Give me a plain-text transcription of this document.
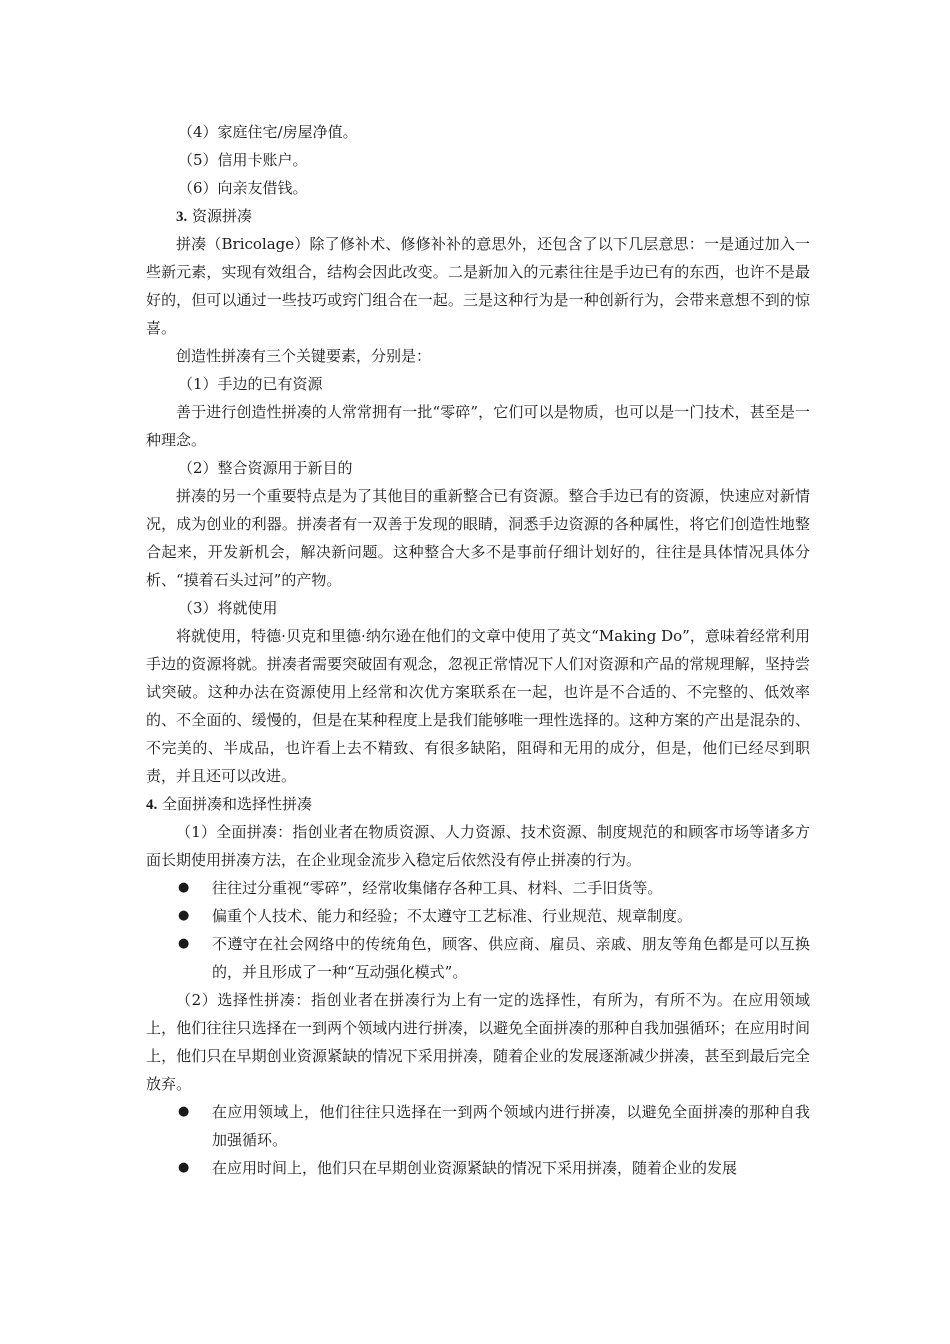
（4）家庭住宅/房屋净值。
（5）信用卡账户。
（6）向亲友借钱。
3. 资源拼凑

拼凑（Bricolage）除了修补术、修修补补的意思外，还包含了以下几层意思：一是通过加入一些新元素，实现有效组合，结构会因此改变。二是新加入的元素往往是手边已有的东西，也许不是最好的，但可以通过一些技巧或窍门组合在一起。三是这种行为是一种创新行为，会带来意想不到的惊喜。

创造性拼凑有三个关键要素，分别是：

（1）手边的已有资源

善于进行创造性拼凑的人常常拥有一批“零碎”，它们可以是物质，也可以是一门技术，甚至是一种理念。

（2）整合资源用于新目的

拼凑的另一个重要特点是为了其他目的重新整合已有资源。整合手边已有的资源，快速应对新情况，成为创业的利器。拼凑者有一双善于发现的眼睛，洞悉手边资源的各种属性，将它们创造性地整合起来，开发新机会，解决新问题。这种整合大多不是事前仔细计划好的，往往是具体情况具体分析、“摸着石头过河”的产物。

（3）将就使用

将就使用，特德·贝克和里德·纳尔逊在他们的文章中使用了英文“Making Do”，意味着经常利用手边的资源将就。拼凑者需要突破固有观念，忽视正常情况下人们对资源和产品的常规理解，坚持尝试突破。这种办法在资源使用上经常和次优方案联系在一起，也许是不合适的、不完整的、低效率的、不全面的、缓慢的，但是在某种程度上是我们能够唯一理性选择的。这种方案的产出是混杂的、不完美的、半成品，也许看上去不精致、有很多缺陷，阻碍和无用的成分，但是，他们已经尽到职责，并且还可以改进。

4. 全面拼凑和选择性拼凑

（1）全面拼凑：指创业者在物质资源、人力资源、技术资源、制度规范的和顾客市场等诸多方面长期使用拼凑方法，在企业现金流步入稳定后依然没有停止拼凑的行为。

● 往往过分重视“零碎”，经常收集储存各种工具、材料、二手旧货等。
● 偏重个人技术、能力和经验；不太遵守工艺标准、行业规范、规章制度。
● 不遵守在社会网络中的传统角色，顾客、供应商、雇员、亲戚、朋友等角色都是可以互换的，并且形成了一种“互动强化模式”。

（2）选择性拼凑：指创业者在拼凑行为上有一定的选择性，有所为，有所不为。在应用领域上，他们往往只选择在一到两个领域内进行拼凑，以避免全面拼凑的那种自我加强循环；在应用时间上，他们只在早期创业资源紧缺的情况下采用拼凑，随着企业的发展逐渐减少拼凑，甚至到最后完全放弃。

● 在应用领域上，他们往往只选择在一到两个领域内进行拼凑，以避免全面拼凑的那种自我加强循环。
● 在应用时间上，他们只在早期创业资源紧缺的情况下采用拼凑，随着企业的发展
